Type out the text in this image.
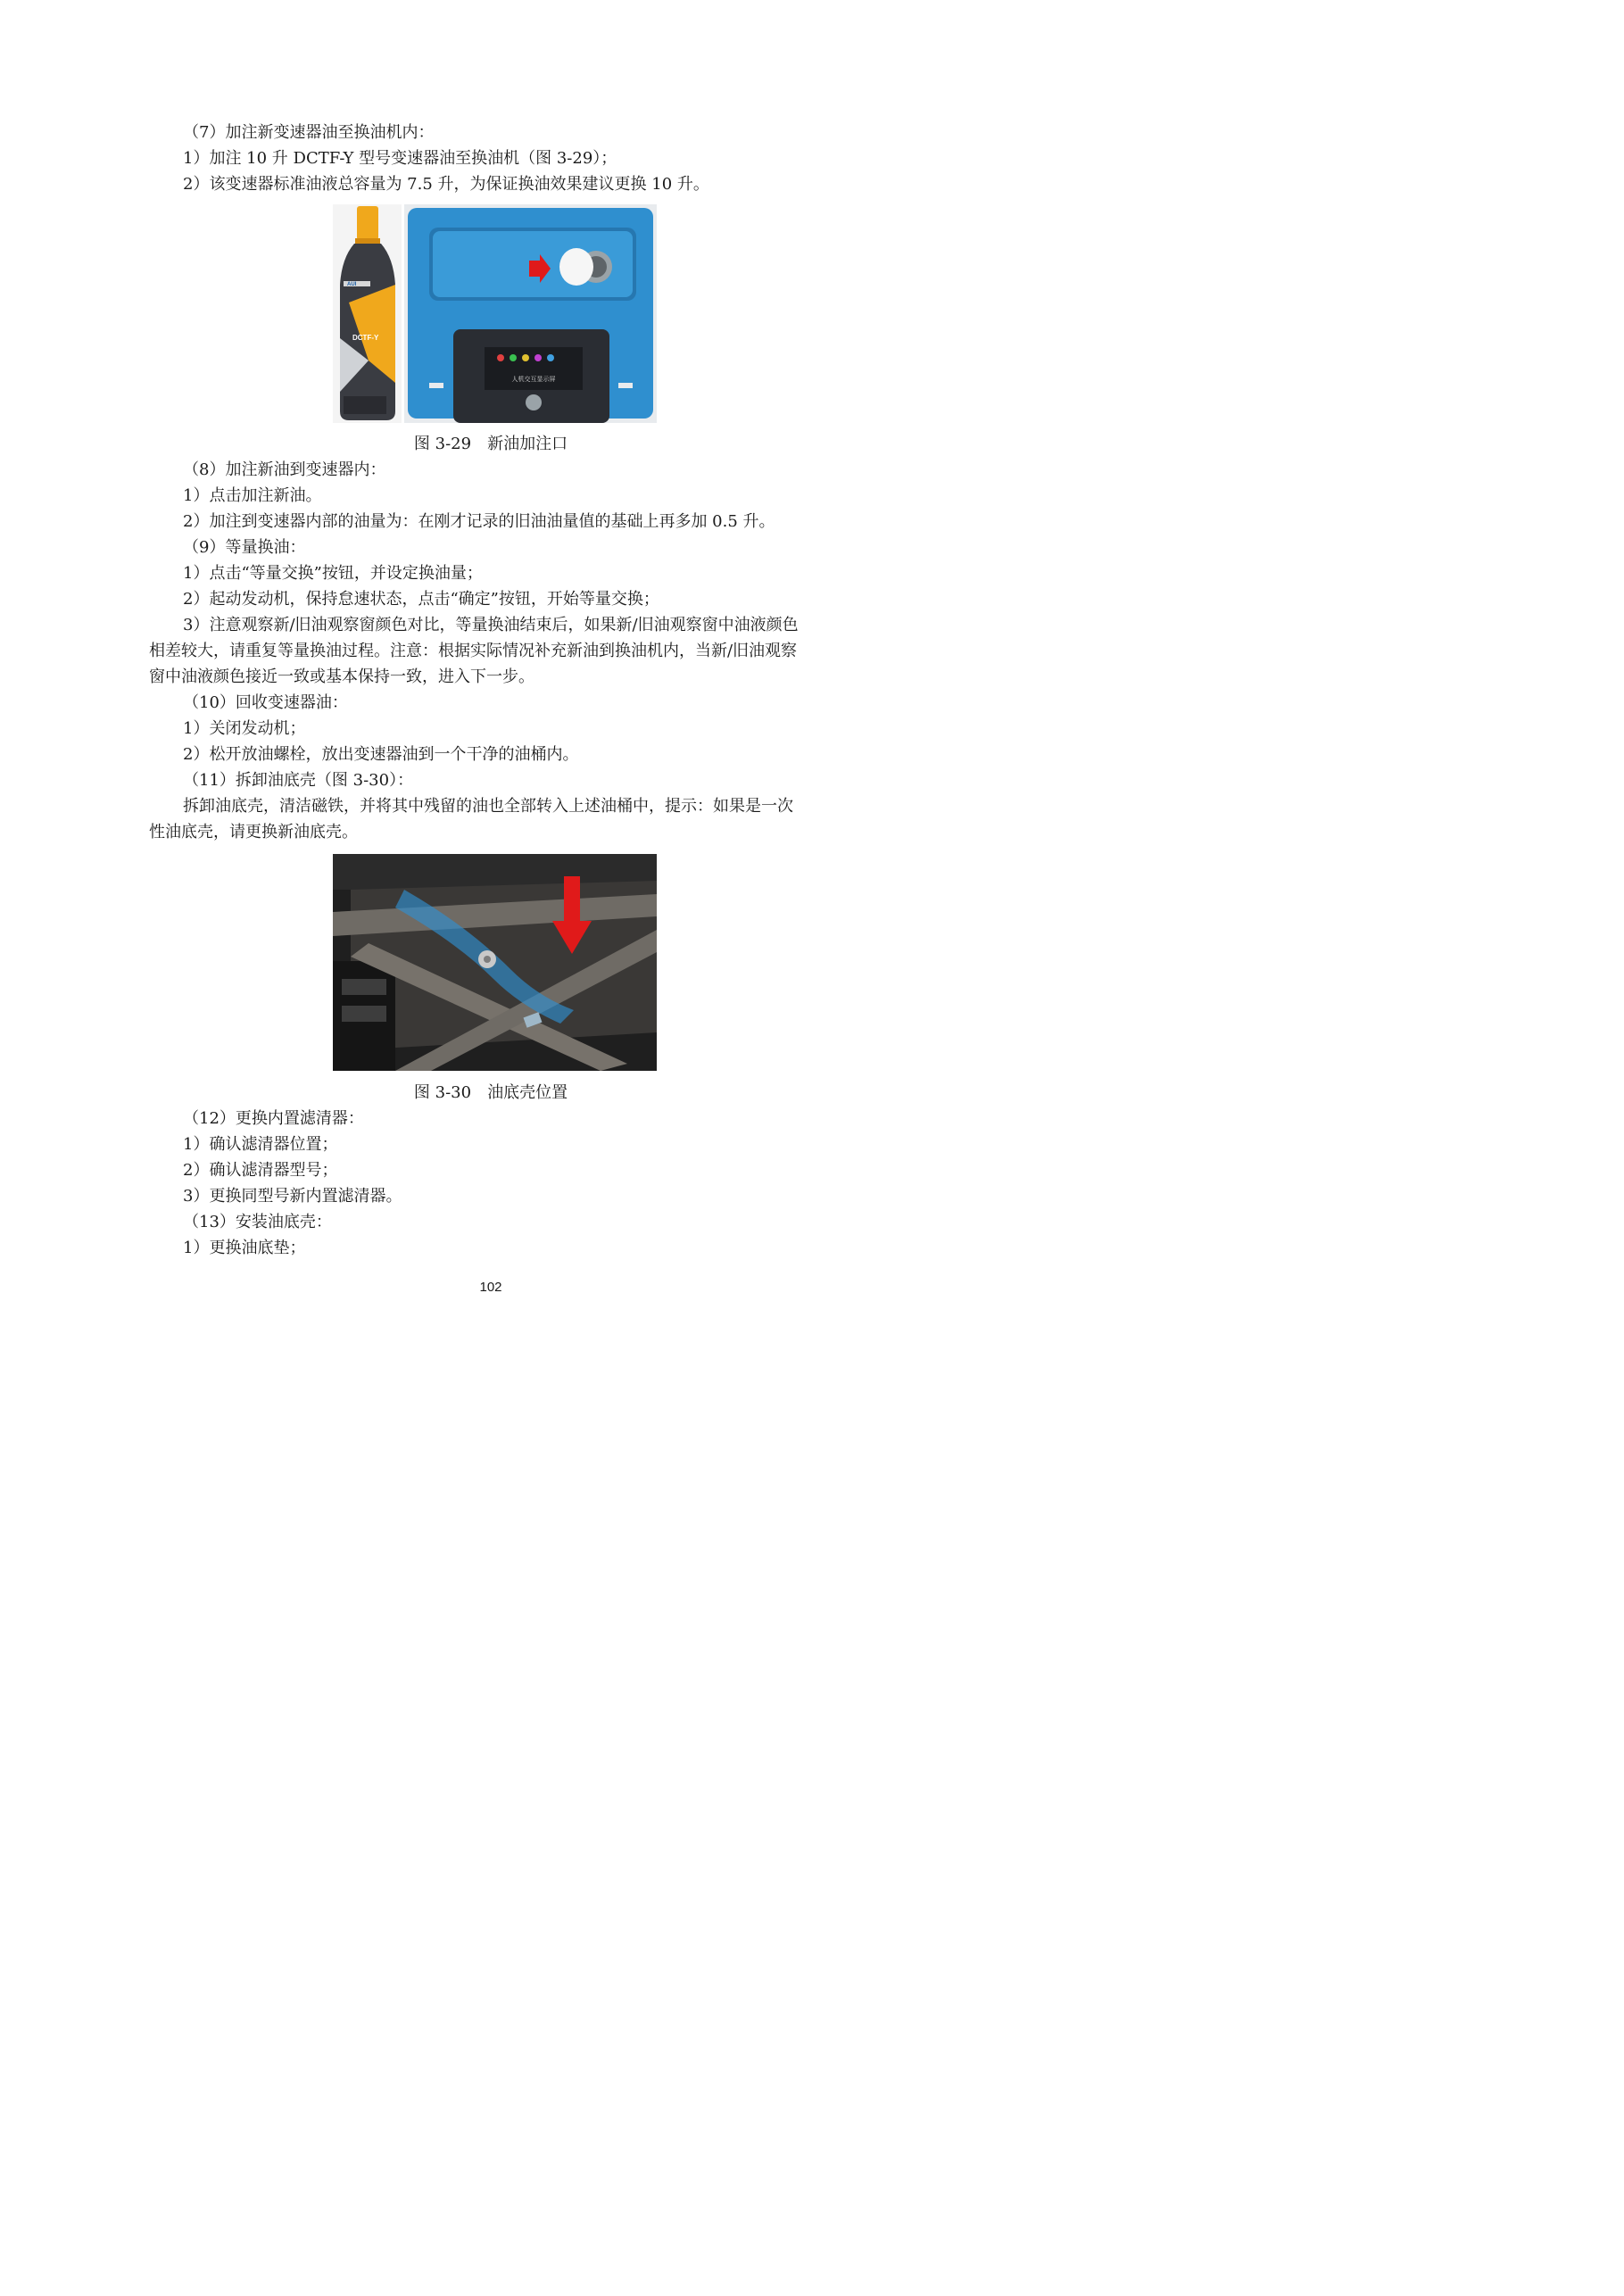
（7）加注新变速器油至换油机内：
1）加注 10 升 DCTF-Y 型号变速器油至换油机（图 3-29）；
2）该变速器标准油液总容量为 7.5 升，为保证换油效果建议更换 10 升。
AUI
DCTF-Y
人机交互显示屏
图 3-29　新油加注口
（8）加注新油到变速器内：
1）点击加注新油。
2）加注到变速器内部的油量为：在刚才记录的旧油油量值的基础上再多加 0.5 升。
（9）等量换油：
1）点击“等量交换”按钮，并设定换油量；
2）起动发动机，保持怠速状态，点击“确定”按钮，开始等量交换；
3）注意观察新/旧油观察窗颜色对比，等量换油结束后，如果新/旧油观察窗中油液颜色
相差较大，请重复等量换油过程。注意：根据实际情况补充新油到换油机内，当新/旧油观察
窗中油液颜色接近一致或基本保持一致，进入下一步。
（10）回收变速器油：
1）关闭发动机；
2）松开放油螺栓，放出变速器油到一个干净的油桶内。
（11）拆卸油底壳（图 3-30）：
拆卸油底壳，清洁磁铁，并将其中残留的油也全部转入上述油桶中，提示：如果是一次
性油底壳，请更换新油底壳。
图 3-30　油底壳位置
（12）更换内置滤清器：
1）确认滤清器位置；
2）确认滤清器型号；
3）更换同型号新内置滤清器。
（13）安装油底壳：
1）更换油底垫；
102
